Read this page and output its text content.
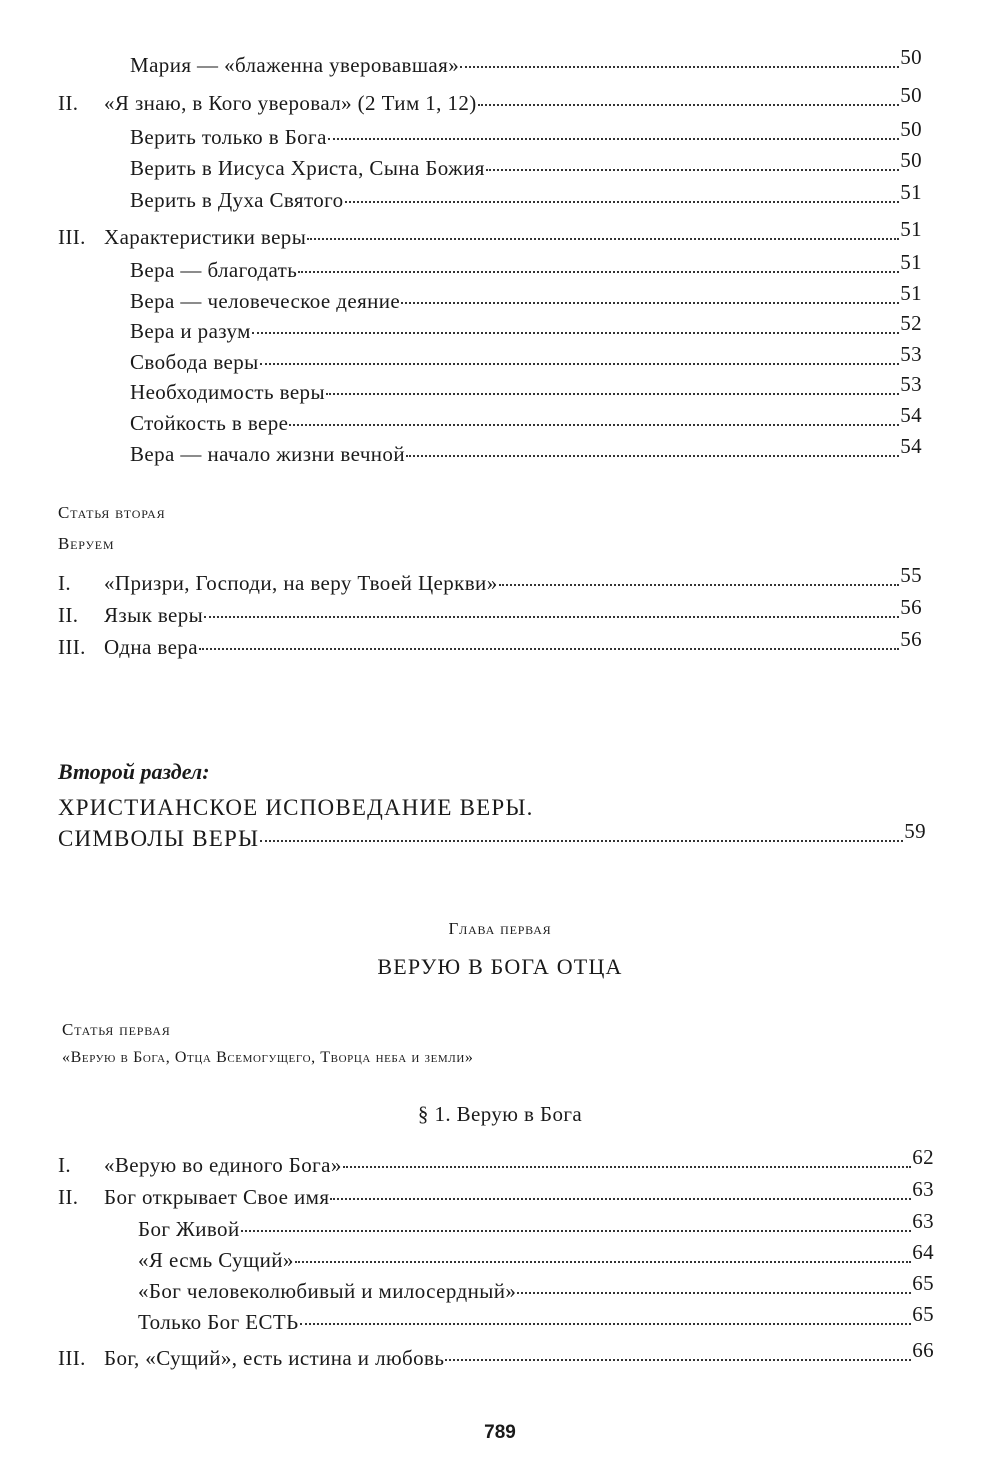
Мария — «блаженна уверовавшая»	50
II.	«Я знаю, в Кого уверовал» (2 Тим 1, 12)	50
Верить только в Бога	50
Верить в Иисуса Христа, Сына Божия	50
Верить в Духа Святого	51
III. Характеристики веры	51
Вера — благодать	51
Вера — человеческое деяние	51
Вера и разум	52
Свобода веры	53
Необходимость веры	53
Стойкость в вере	54
Вера — начало жизни вечной	54
Статья вторая
Веруем
I.	«Призри, Господи, на веру Твоей Церкви»	55
II.	Язык веры	56
III. Одна вера	56
Второй раздел:
ХРИСТИАНСКОЕ ИСПОВЕДАНИЕ ВЕРЫ.
СИМВОЛЫ ВЕРЫ	59
Глава первая
ВЕРУЮ В БОГА ОТЦА
Статья первая
«Верую в Бога, Отца Всемогущего, Творца неба и земли»
§ 1. Верую в Бога
I.	«Верую во единого Бога»	62
II.	Бог открывает Свое имя	63
Бог Живой	63
«Я есмь Сущий»	64
«Бог человеколюбивый и милосердный»	65
Только Бог ЕСТЬ	65
III. Бог, «Сущий», есть истина и любовь	66
789
